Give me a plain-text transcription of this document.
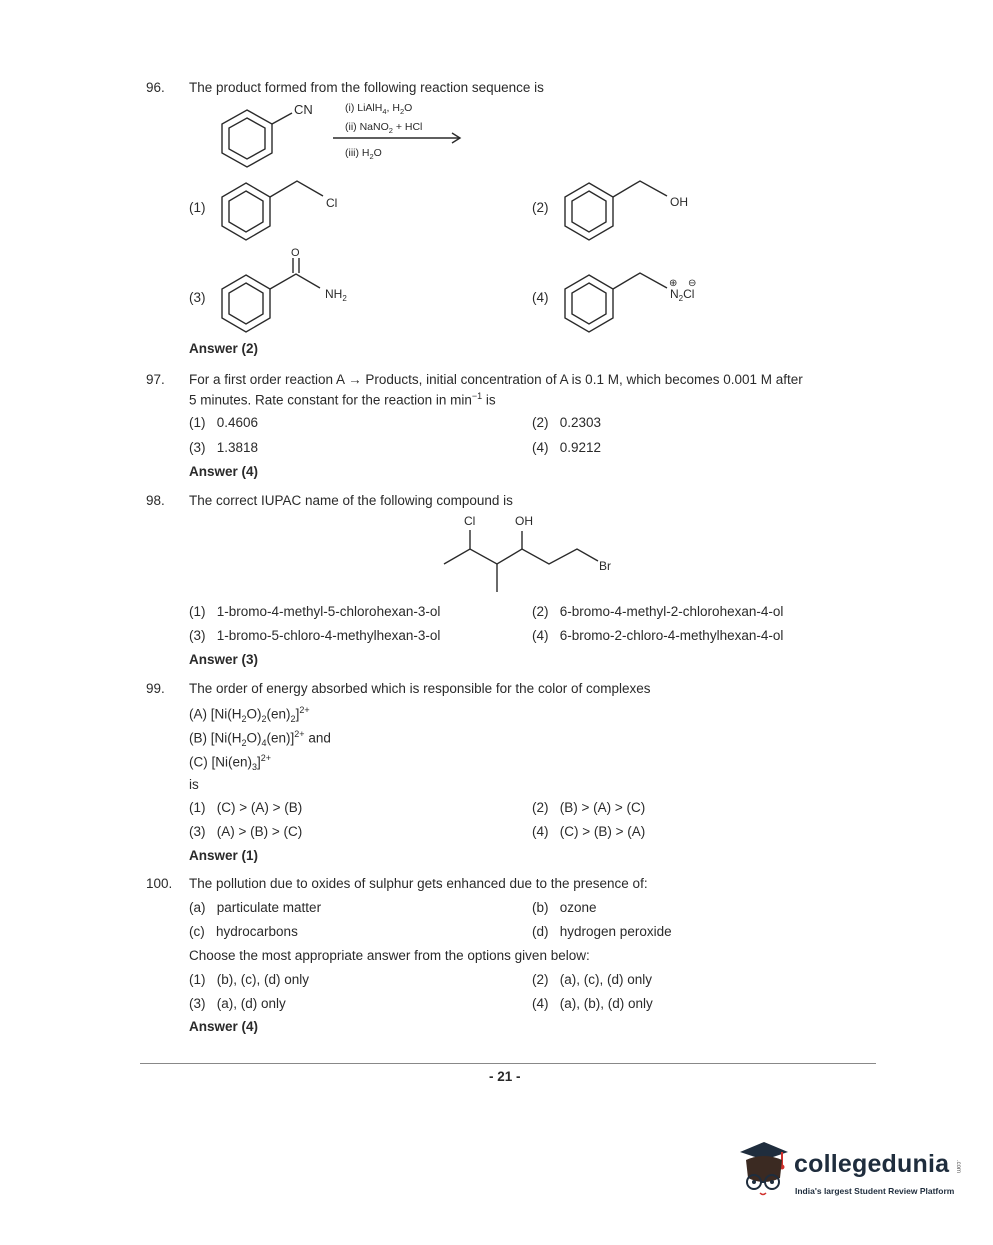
96. The product formed from the following reaction sequence is
CN	(i) LiAlH$_4$, $H_2O$
(ii) NaNO$_2$ + HCl
(iii) $H_2O$
Cl	OH
O
$NH_2$	$N_2Cl$
⊕ ⊖
(1)	(2)
(3)	(4)
Answer (2)
97. For a first order reaction A → Products, initial concentration of A is 0.1 M, which becomes 0.001 M after
5 minutes. Rate constant for the reaction in $\min^{-1}$ is
(1) 0.4606	(2) 0.2303
(3) 1.3818	(4) 0.9212
Answer (4)
98. The correct IUPAC name of the following compound is
Cl	OH
Br
(1) 1-bromo-4-methyl-5-chlorohexan-3-ol	(2) 6-bromo-4-methyl-2-chlorohexan-4-ol
(3) 1-bromo-5-chloro-4-methylhexan-3-ol	(4) 6-bromo-2-chloro-4-methylhexan-4-ol
Answer (3)
99. The order of energy absorbed which is responsible for the color of complexes
(A) $[Ni(H_2O)_2(en)_2]^{2+}$
(B) $[Ni(H_2O)_4(en)]^{2+}$ and
(C) $[Ni(en)_3]^{2+}$
is
(1) (C) > (A) > (B)	(2) (B) > (A) > (C)
(3) (A) > (B) > (C)	(4) (C) > (B) > (A)
Answer (1)
100. The pollution due to oxides of sulphur gets enhanced due to the presence of:
(a) particulate matter	(b) ozone
(c) hydrocarbons	(d) hydrogen peroxide
Choose the most appropriate answer from the options given below:
(1) (b), (c), (d) only	(2) (a), (c), (d) only
(3) (a), (d) only	(4) (a), (b), (d) only
Answer (4)
- 21 -
collegedunia .com
India's largest Student Review Platform
